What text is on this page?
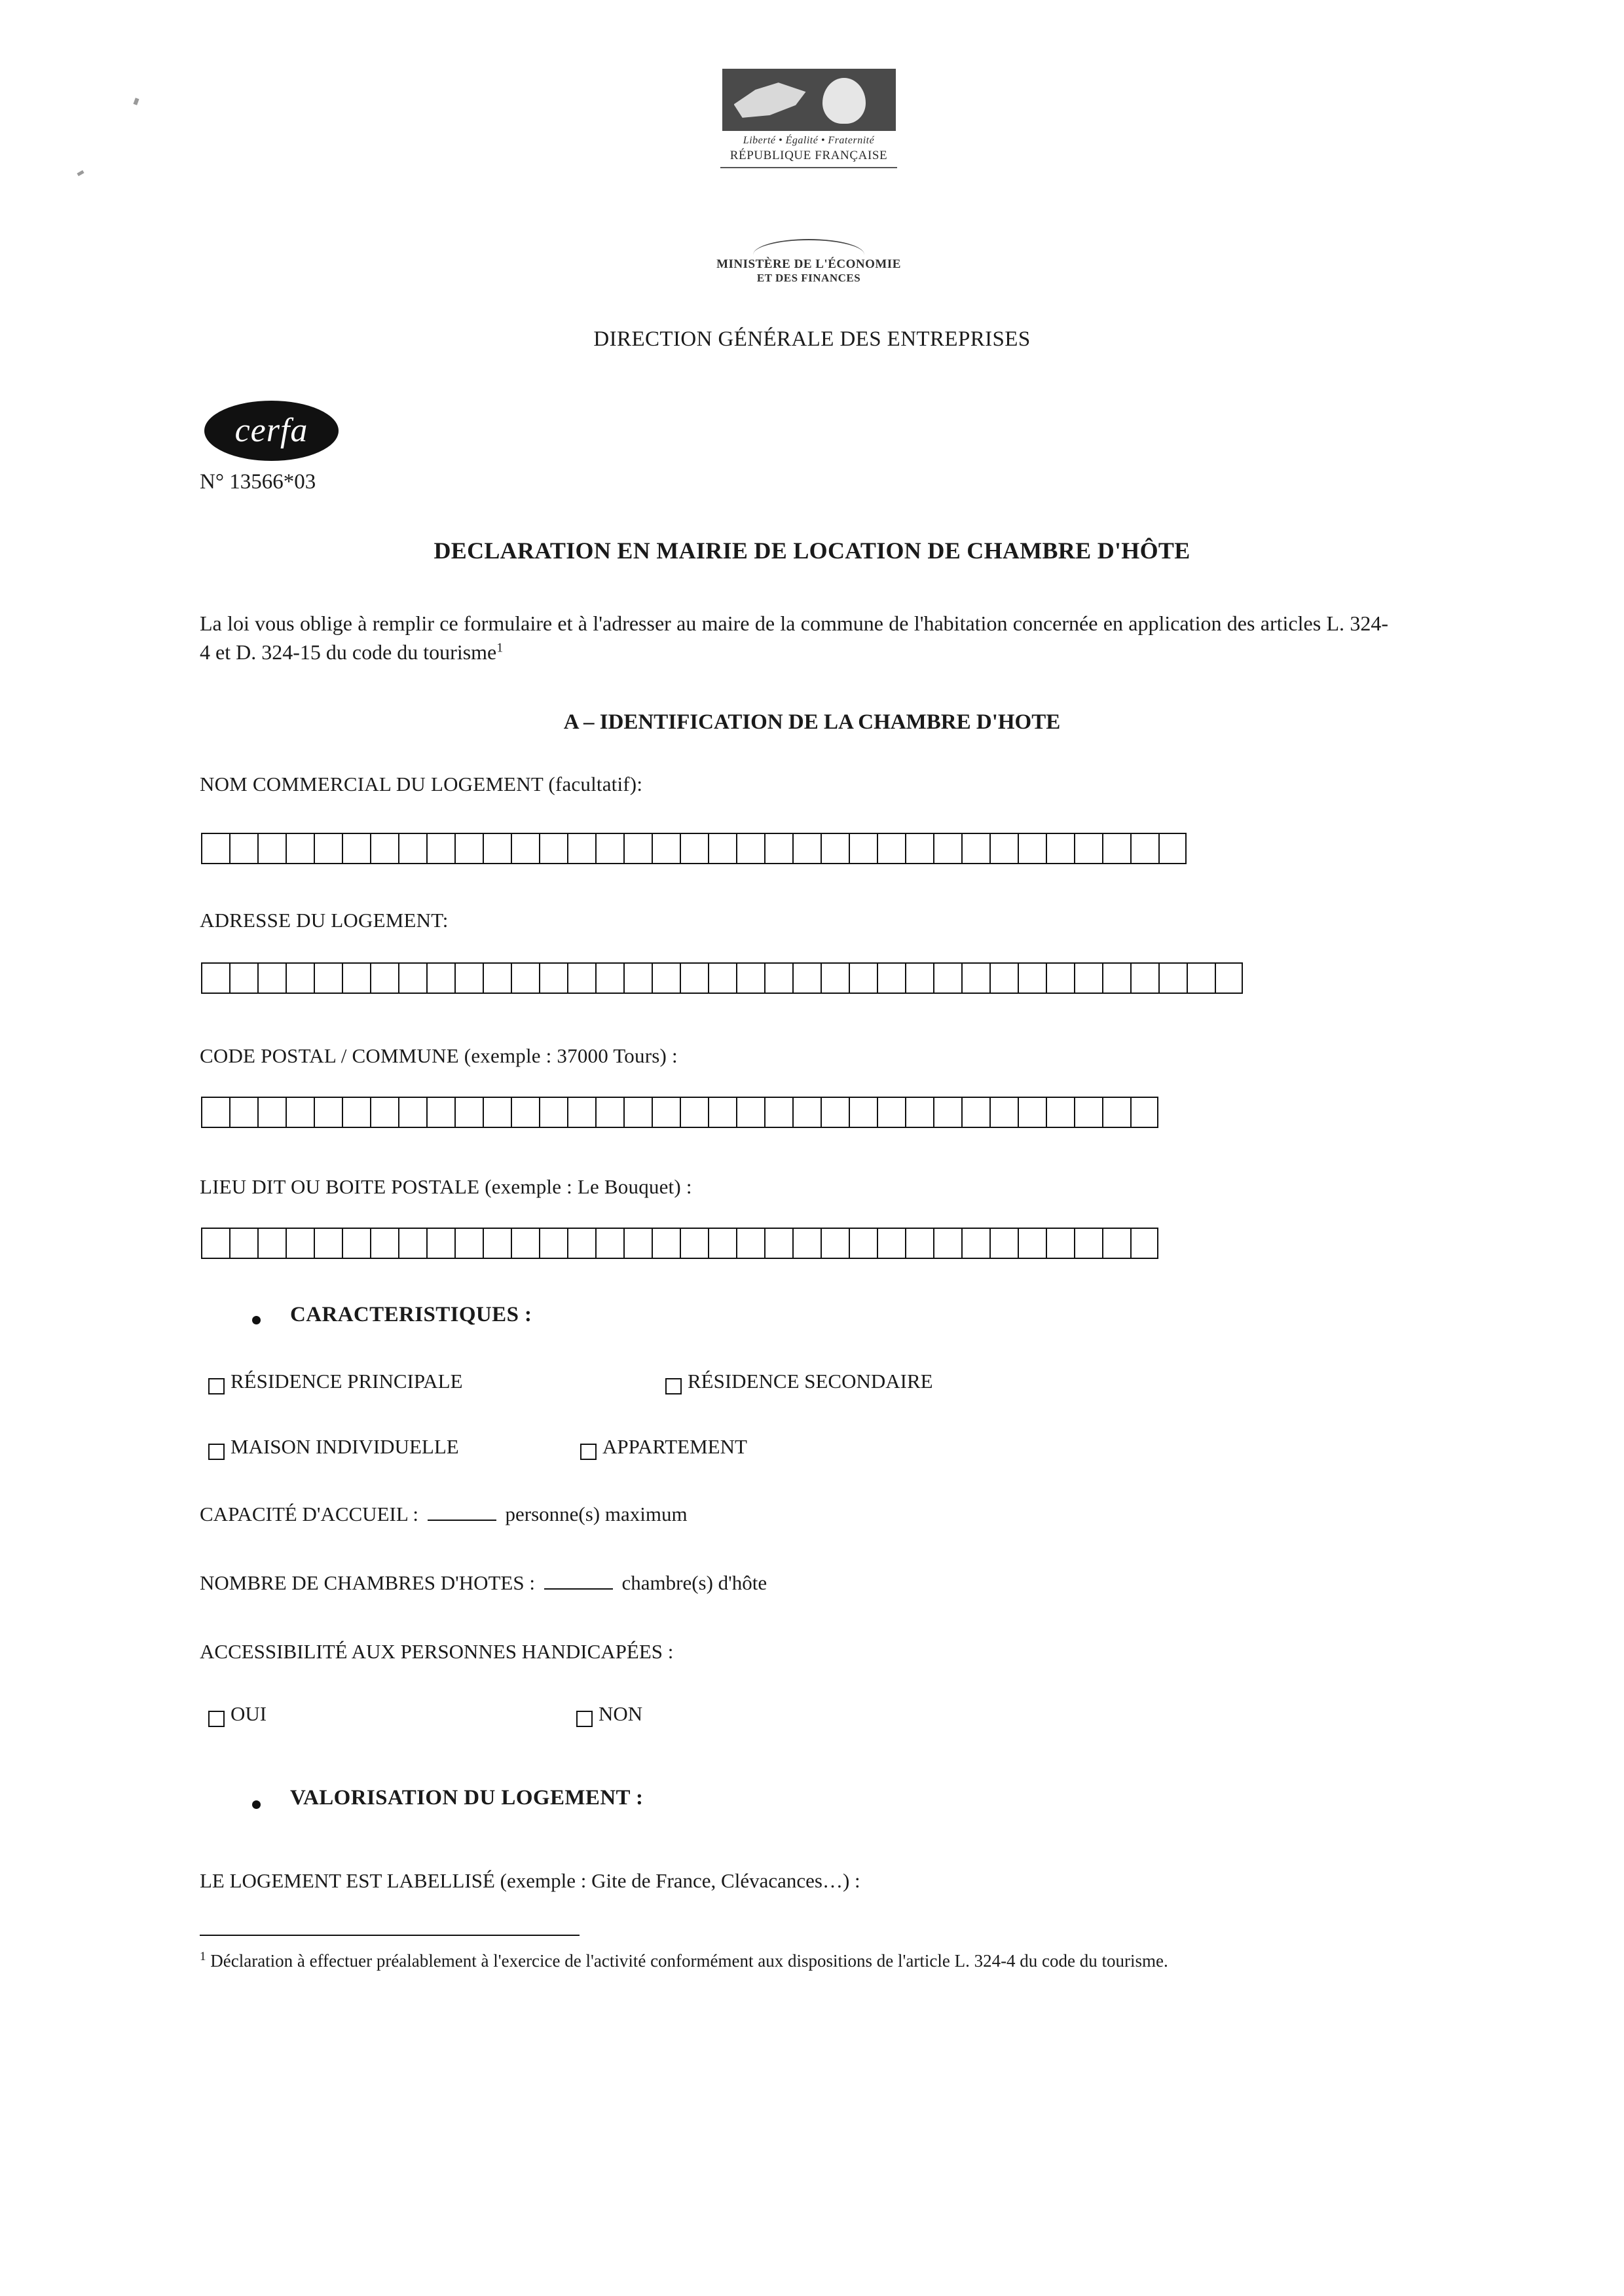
Liberté • Égalité • Fraternité
RÉPUBLIQUE FRANÇAISE
MINISTÈRE DE L'ÉCONOMIE
ET DES FINANCES
DIRECTION GÉNÉRALE DES ENTREPRISES
cerfa
N° 13566*03
DECLARATION EN MAIRIE DE LOCATION DE CHAMBRE D'HÔTE
La loi vous oblige à remplir ce formulaire et à l'adresser au maire de la commune de l'habitation concernée en application des articles L. 324-4 et D. 324-15 du code du tourisme$^1$
A – IDENTIFICATION DE LA CHAMBRE D'HOTE
NOM COMMERCIAL DU LOGEMENT (facultatif):
ADRESSE DU LOGEMENT:
CODE POSTAL / COMMUNE (exemple : 37000 Tours) :
LIEU DIT OU BOITE POSTALE (exemple : Le Bouquet) :
CARACTERISTIQUES :
RÉSIDENCE PRINCIPALE	RÉSIDENCE SECONDAIRE
MAISON INDIVIDUELLE	APPARTEMENT
CAPACITÉ D'ACCUEIL :	personne(s) maximum
NOMBRE DE CHAMBRES D'HOTES :	chambre(s) d'hôte
ACCESSIBILITÉ AUX PERSONNES HANDICAPÉES :
OUI	NON
VALORISATION DU LOGEMENT :
LE LOGEMENT EST LABELLISÉ (exemple : Gite de France, Clévacances…) :
$^1$ Déclaration à effectuer préalablement à l'exercice de l'activité conformément aux dispositions de l'article L. 324-4 du code du tourisme.
